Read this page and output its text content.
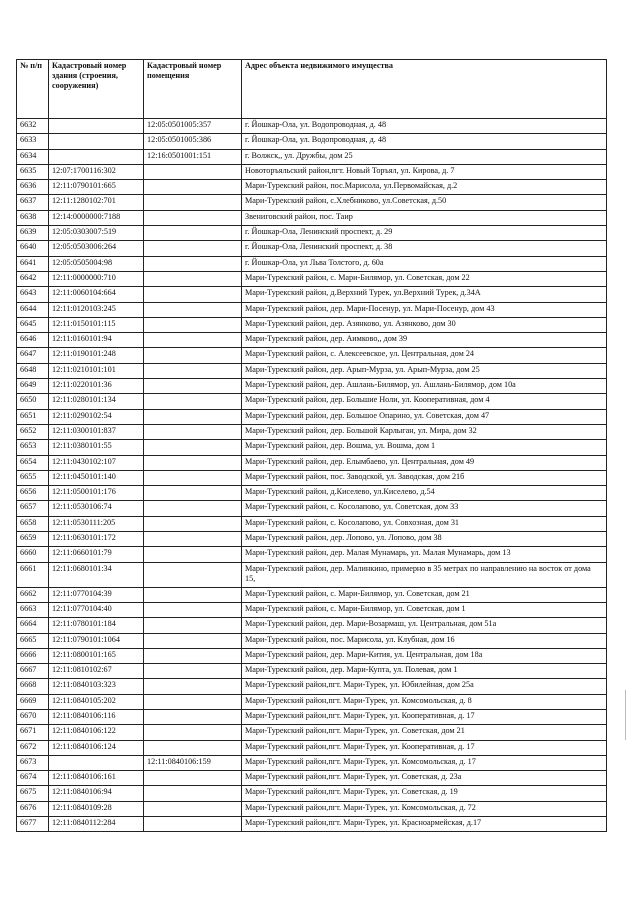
№ п/п	Кадастровый номер здания (строения, сооружения)	Кадастровый номер помещения	Адрес объекта недвижимого имущества
6632		12:05:0501005:357	г. Йошкар-Ола, ул. Водопроводная, д. 48
6633		12:05:0501005:386	г. Йошкар-Ола, ул. Водопроводная, д. 48
6634		12:16:0501001:151	г. Волжск,, ул. Дружбы, дом 25
6635	12:07:1700116:302		Новоторъяльский район,пгт. Новый Торъял, ул. Кирова, д. 7
6636	12:11:0790101:665		Мари-Турекский район, пос.Марисола, ул.Первомайская, д.2
6637	12:11:1280102:701		Мари-Турекский район, с.Хлебниково, ул.Советская, д.50
6638	12:14:0000000:7188		Звениговский район, пос. Таир
6639	12:05:0303007:519		г. Йошкар-Ола, Ленинский проспект, д. 29
6640	12:05:0503006:264		г. Йошкар-Ола, Ленинский проспект, д. 38
6641	12:05:0505004:98		г. Йошкар-Ола, ул Льва Толстого, д. 60а
6642	12:11:0000000:710		Мари-Турекский район, с. Мари-Билямор, ул. Советская, дом 22
6643	12:11:0060104:664		Мари-Турекский район, д.Верхний Турек, ул.Верхний Турек, д.34А
6644	12:11:0120103:245		Мари-Турекский район, дер. Мари-Посенур, ул. Мари-Посенур, дом 43
6645	12:11:0150101:115		Мари-Турекский район, дер. Азянково, ул. Азянково, дом 30
6646	12:11:0160101:94		Мари-Турекский район, дер. Аимково,, дом 39
6647	12:11:0190101:248		Мари-Турекский район, с. Алексеевское, ул. Центральная, дом 24
6648	12:11:0210101:101		Мари-Турекский район, дер. Арып-Мурза, ул. Арып-Мурза, дом 25
6649	12:11:0220101:36		Мари-Турекский район, дер. Ашлань-Билямор, ул. Ашлань-Билямор, дом 10а
6650	12:11:0280101:134		Мари-Турекский район, дер. Большие Ноли, ул. Кооперативная, дом 4
6651	12:11:0290102:54		Мари-Турекский район, дер. Большое Опарино, ул. Советская, дом 47
6652	12:11:0300101:837		Мари-Турекский район, дер. Большой Карлыган, ул. Мира, дом 32
6653	12:11:0380101:55		Мари-Турекский район, дер. Вошма, ул. Вошма, дом 1
6654	12:11:0430102:107		Мари-Турекский район, дер. Елымбаево, ул. Центральная, дом 49
6655	12:11:0450101:140		Мари-Турекский район, пос. Заводской, ул. Заводская, дом 21б
6656	12:11:0500101:176		Мари-Турекский район, д.Киселево, ул.Киселево, д.54
6657	12:11:0530106:74		Мари-Турекский район, с. Косолапово, ул. Советская, дом 33
6658	12:11:0530111:205		Мари-Турекский район, с. Косолапово, ул. Совхозная, дом 31
6659	12:11:0630101:172		Мари-Турекский район, дер. Лопово, ул. Лопово, дом 38
6660	12:11:0660101:79		Мари-Турекский район, дер. Малая Мунамарь, ул. Малая Мунамарь, дом 13
6661	12:11:0680101:34		Мари-Турекский район, дер. Малинкино, примерно в 35 метрах по направлению на восток от дома 15,
6662	12:11:0770104:39		Мари-Турекский район, с. Мари-Билямор, ул. Советская, дом 21
6663	12:11:0770104:40		Мари-Турекский район, с. Мари-Билямор, ул. Советская, дом 1
6664	12:11:0780101:184		Мари-Турекский район, дер. Мари-Возармаш, ул. Центральная, дом 51а
6665	12:11:0790101:1064		Мари-Турекский район, пос. Марисола, ул. Клубная, дом 16
6666	12:11:0800101:165		Мари-Турекский район, дер. Мари-Кития, ул. Центральная, дом 18а
6667	12:11:0810102:67		Мари-Турекский район, дер. Мари-Купта, ул. Полевая, дом 1
6668	12:11:0840103:323		Мари-Турекский район,пгт. Мари-Турек, ул. Юбилейная, дом 25а
6669	12:11:0840105:202		Мари-Турекский район,пгт. Мари-Турек, ул. Комсомольская, д. 8
6670	12:11:0840106:116		Мари-Турекский район,пгт. Мари-Турек, ул. Кооперативная, д. 17
6671	12:11:0840106:122		Мари-Турекский район,пгт. Мари-Турек, ул. Советская, дом 21
6672	12:11:0840106:124		Мари-Турекский район,пгт. Мари-Турек, ул. Кооперативная, д. 17
6673		12:11:0840106:159	Мари-Турекский район,пгт. Мари-Турек, ул. Комсомольская, д. 17
6674	12:11:0840106:161		Мари-Турекский район,пгт. Мари-Турек, ул. Советская, д. 23а
6675	12:11:0840106:94		Мари-Турекский район,пгт. Мари-Турек, ул. Советская, д. 19
6676	12:11:0840109:28		Мари-Турекский район,пгт. Мари-Турек, ул. Комсомольская, д. 72
6677	12:11:0840112:284		Мари-Турекский район,пгт. Мари-Турек, ул. Красноармейская, д.17
